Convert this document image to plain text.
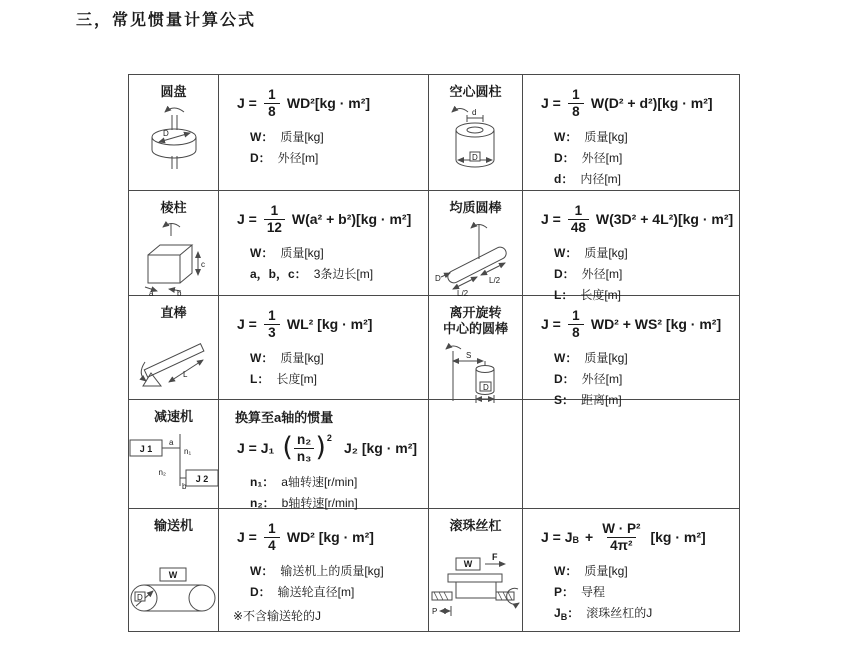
三，常见惯量计算公式
圆盘
D
$J = \frac{1}{8} WD^2[kg \cdot m^2]$
W： 质量[kg]
D： 外径[m]
空心圆柱
d
D
$J = \frac{1}{8} W(D^2 + d^2)[kg \cdot m^2]$
W： 质量[kg]
D： 外径[m]
d： 内径[m]
棱柱
c
a	b
$J = \frac{1}{12} W(a^2 + b^2)[kg \cdot m^2]$
W： 质量[kg]
a，b，c： 3条边长[m]
均质圆棒
D
L/2
L/2
$J = \frac{1}{48} W(3D^2 + 4L^2)[kg \cdot m^2]$
W： 质量[kg]
D： 外径[m]
L： 长度[m]
直棒
L
$J = \frac{1}{3} WL^2$ [kg · m²]
W： 质量[kg]
L： 长度[m]
离开旋转
中心的圆棒
S
D
$J = \frac{1}{8} WD^2 + WS^2$ [kg · m²]
W： 质量[kg]
D： 外径[m]
S： 距离[m]
减速机
J 1
a
n₁
n₂
b
J 2
换算至a轴的惯量
J = J₁ ( $\frac{\text{n₂}}{\text{n₃}}$ ) 2
J₂ [kg · m²]
n₁： a轴转速[r/min]
n₂： b轴转速[r/min]
输送机
W
D
$J = \frac{1}{4} WD^2$ [kg · m²]
W： 输送机上的质量[kg]
D： 输送轮直径[m]
※不含输送轮的J
滚珠丝杠
W
F
P
J = J $B + \frac{\text{W · P²}}{\text{4π²}} [kg \cdot m^2]$
W： 质量[kg]
P： 导程
$J_B$： 滚珠丝杠的J
